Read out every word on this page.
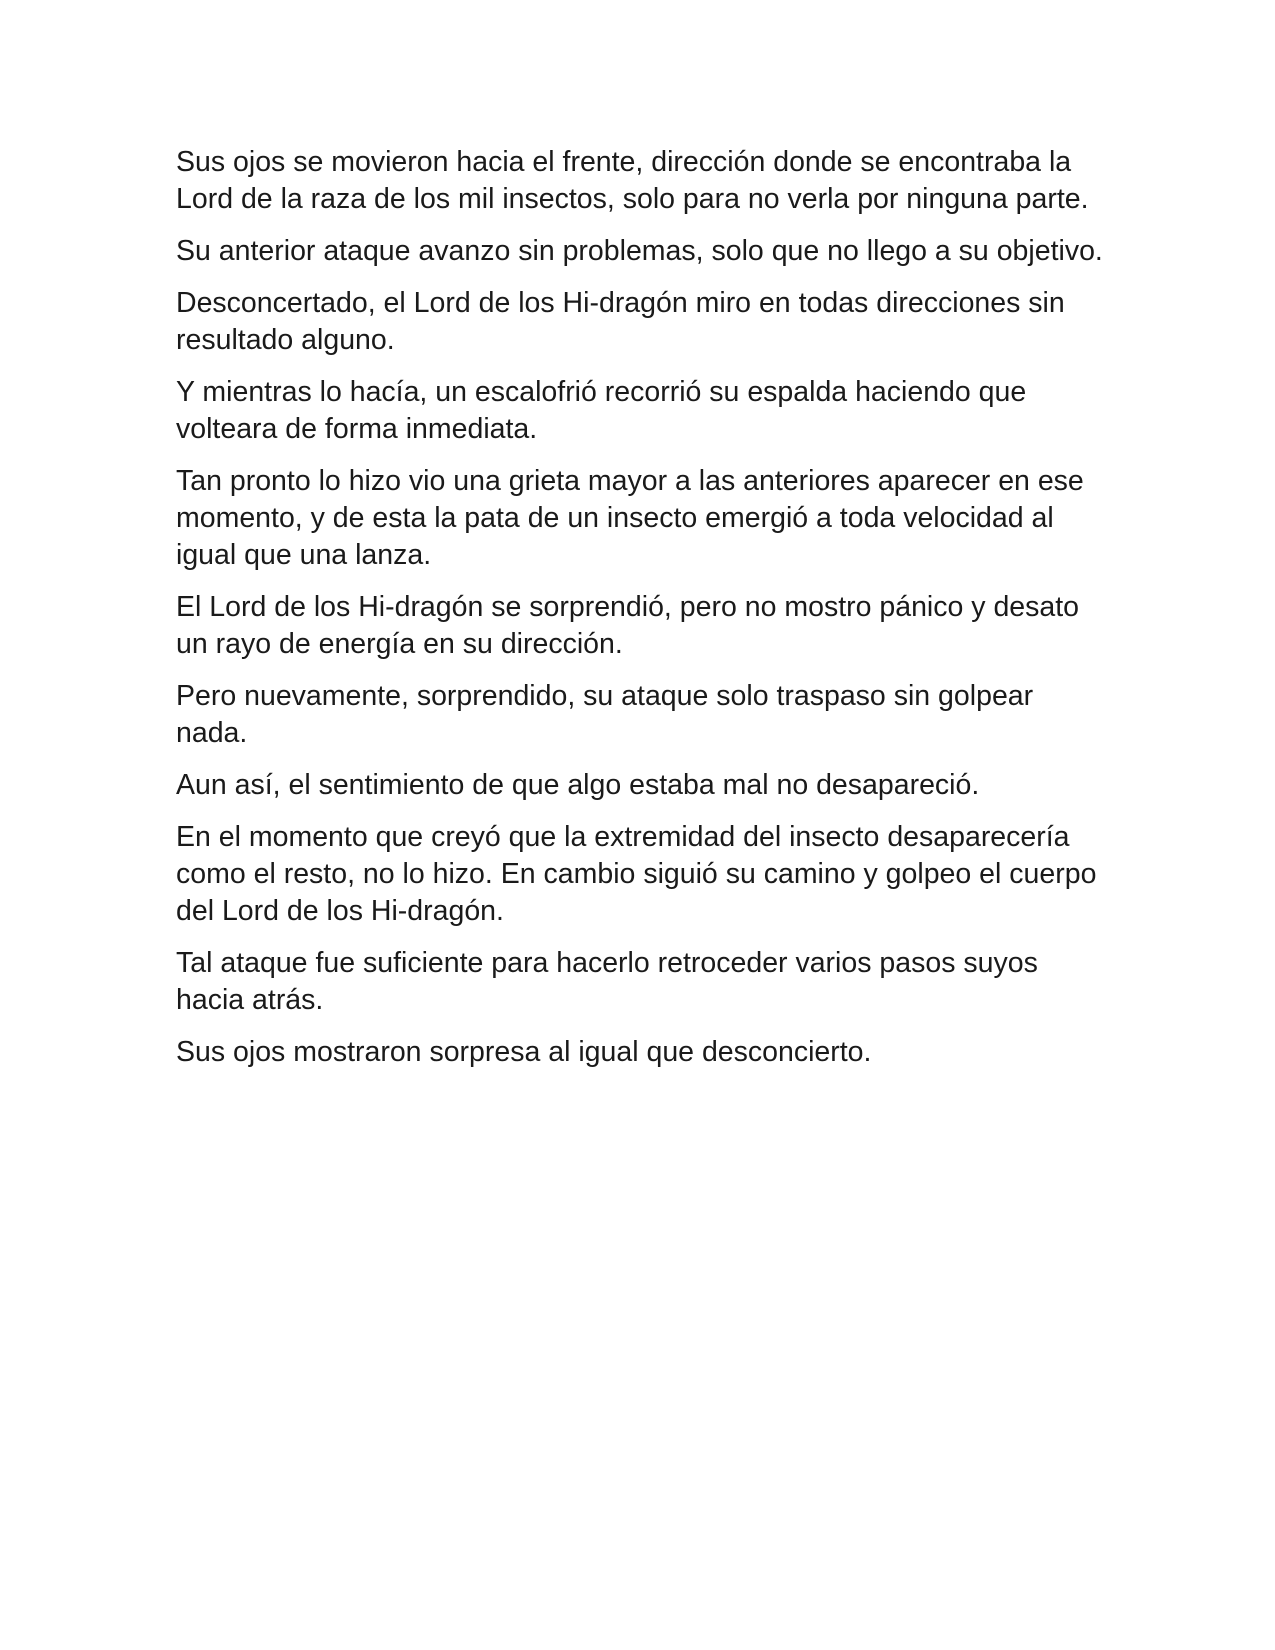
Sus ojos se movieron hacia el frente, dirección donde se encontraba la Lord de la raza de los mil insectos, solo para no verla por ninguna parte.

Su anterior ataque avanzo sin problemas, solo que no llego a su objetivo.

Desconcertado, el Lord de los Hi-dragón miro en todas direcciones sin resultado alguno.

Y mientras lo hacía, un escalofrió recorrió su espalda haciendo que volteara de forma inmediata.

Tan pronto lo hizo vio una grieta mayor a las anteriores aparecer en ese momento, y de esta la pata de un insecto emergió a toda velocidad al igual que una lanza.

El Lord de los Hi-dragón se sorprendió, pero no mostro pánico y desato un rayo de energía en su dirección.

Pero nuevamente, sorprendido, su ataque solo traspaso sin golpear nada.

Aun así, el sentimiento de que algo estaba mal no desapareció.

En el momento que creyó que la extremidad del insecto desaparecería como el resto, no lo hizo. En cambio siguió su camino y golpeo el cuerpo del Lord de los Hi-dragón.

Tal ataque fue suficiente para hacerlo retroceder varios pasos suyos hacia atrás.

Sus ojos mostraron sorpresa al igual que desconcierto.
